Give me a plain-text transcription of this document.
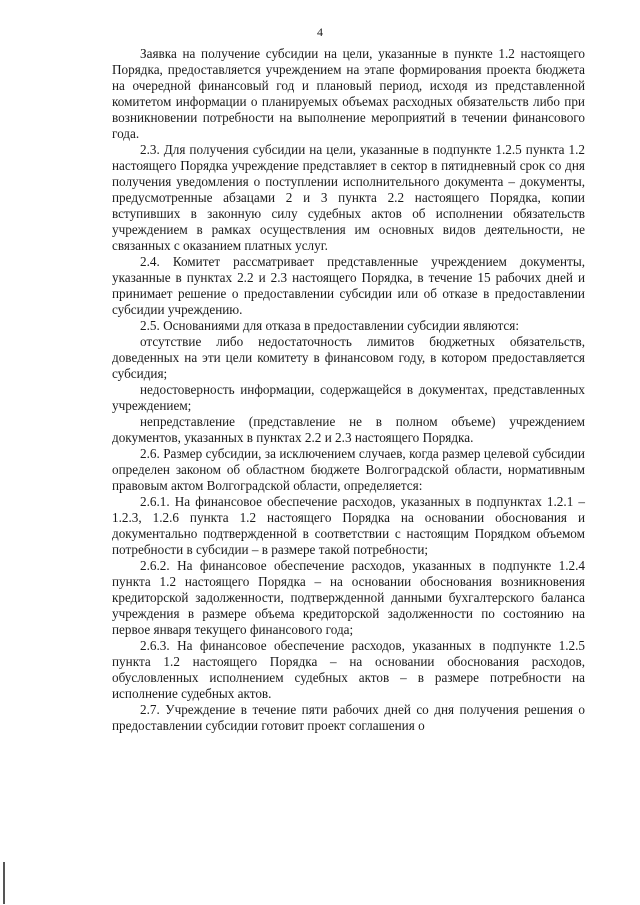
4

Заявка на получение субсидии на цели, указанные в пункте 1.2 настоящего Порядка, предоставляется учреждением на этапе формирования проекта бюджета на очередной финансовый год и плановый период, исходя из представленной комитетом информации о планируемых объемах расходных обязательств либо при возникновении потребности на выполнение мероприятий в течении финансового года.

2.3. Для получения субсидии на цели, указанные в подпункте 1.2.5 пункта 1.2 настоящего Порядка учреждение представляет в сектор в пятидневный срок со дня получения уведомления о поступлении исполнительного документа – документы, предусмотренные абзацами 2 и 3 пункта 2.2 настоящего Порядка, копии вступивших в законную силу судебных актов об исполнении обязательств учреждением в рамках осуществления им основных видов деятельности, не связанных с оказанием платных услуг.

2.4. Комитет рассматривает представленные учреждением документы, указанные в пунктах 2.2 и 2.3 настоящего Порядка, в течение 15 рабочих дней и принимает решение о предоставлении субсидии или об отказе в предоставлении субсидии учреждению.

2.5. Основаниями для отказа в предоставлении субсидии являются:

отсутствие либо недостаточность лимитов бюджетных обязательств, доведенных на эти цели комитету в финансовом году, в котором предоставляется субсидия;

недостоверность информации, содержащейся в документах, представленных учреждением;

непредставление (представление не в полном объеме) учреждением документов, указанных в пунктах 2.2 и 2.3 настоящего Порядка.

2.6. Размер субсидии, за исключением случаев, когда размер целевой субсидии определен законом об областном бюджете Волгоградской области, нормативным правовым актом Волгоградской области, определяется:

2.6.1. На финансовое обеспечение расходов, указанных в подпунктах 1.2.1 – 1.2.3, 1.2.6 пункта 1.2 настоящего Порядка на основании обоснования и документально подтвержденной в соответствии с настоящим Порядком объемом потребности в субсидии – в размере такой потребности;

2.6.2. На финансовое обеспечение расходов, указанных в подпункте 1.2.4 пункта 1.2 настоящего Порядка – на основании обоснования возникновения кредиторской задолженности, подтвержденной данными бухгалтерского баланса учреждения в размере объема кредиторской задолженности по состоянию на первое января текущего финансового года;

2.6.3. На финансовое обеспечение расходов, указанных в подпункте 1.2.5 пункта 1.2 настоящего Порядка – на основании обоснования расходов, обусловленных исполнением судебных актов – в размере потребности на исполнение судебных актов.

2.7. Учреждение в течение пяти рабочих дней со дня получения решения о предоставлении субсидии готовит проект соглашения о
